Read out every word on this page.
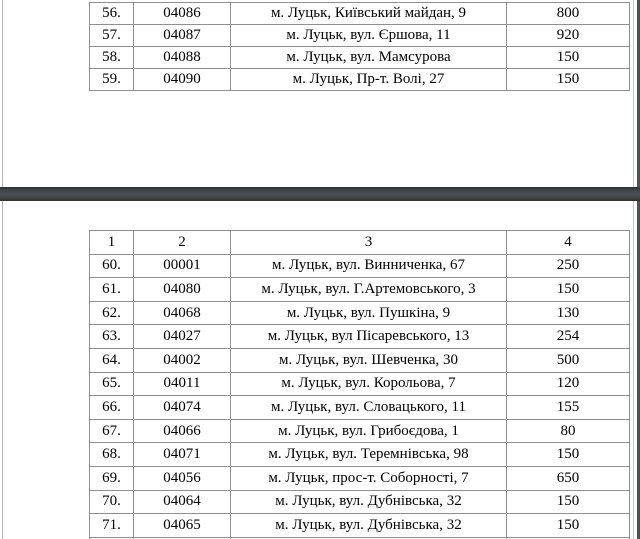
56.	04086	м. Луцьк, Київський майдан, 9	800
57.	04087	м. Луцьк, вул. Єршова, 11	920
58.	04088	м. Луцьк, вул. Мамсурова	150
59.	04090	м. Луцьк, Пр-т. Волі, 27	150
1	2	3	4
60.	00001	м. Луцьк, вул. Винниченка, 67	250
61.	04080	м. Луцьк, вул. Г.Артемовського, 3	150
62.	04068	м. Луцьк, вул. Пушкіна, 9	130
63.	04027	м. Луцьк, вул Пісаревського, 13	254
64.	04002	м. Луцьк, вул. Шевченка, 30	500
65.	04011	м. Луцьк, вул. Корольова, 7	120
66.	04074	м. Луцьк, вул. Словацького, 11	155
67.	04066	м. Луцьк, вул. Грибоєдова, 1	80
68.	04071	м. Луцьк, вул. Теремнівська, 98	150
69.	04056	м. Луцьк, прос-т. Соборності, 7	650
70.	04064	м. Луцьк, вул. Дубнівська, 32	150
71.	04065	м. Луцьк, вул. Дубнівська, 32	150
